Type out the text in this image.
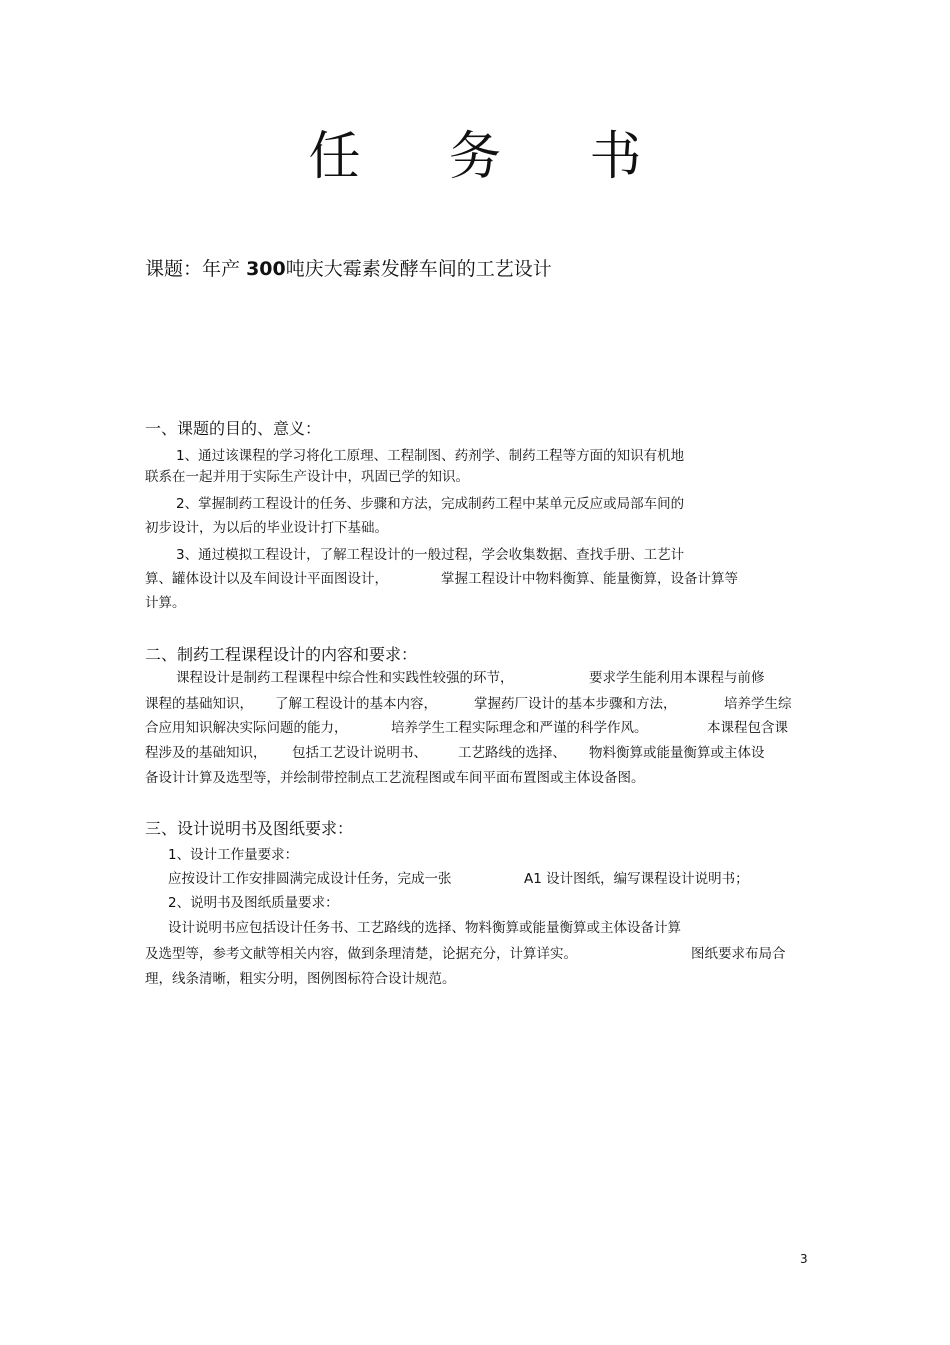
任 务 书
课题：年产 300吨庆大霉素发酵车间的工艺设计
一、课题的目的、意义：
1、通过该课程的学习将化工原理、工程制图、药剂学、制药工程等方面的知识有机地
联系在一起并用于实际生产设计中，巩固已学的知识。
2、掌握制药工程设计的任务、步骤和方法，完成制药工程中某单元反应或局部车间的
初步设计，为以后的毕业设计打下基础。
3、通过模拟工程设计，了解工程设计的一般过程，学会收集数据、查找手册、工艺计
算、罐体设计以及车间设计平面图设计，	掌握工程设计中物料衡算、能量衡算，设备计算等
计算。
二、制药工程课程设计的内容和要求：
课程设计是制药工程课程中综合性和实践性较强的环节，	要求学生能利用本课程与前修
课程的基础知识， 了解工程设计的基本内容，	掌握药厂设计的基本步骤和方法，	培养学生综
合应用知识解决实际问题的能力，	培养学生工程实际理念和严谨的科学作风。	本课程包含课
程涉及的基础知识， 包括工艺设计说明书、 工艺路线的选择、 物料衡算或能量衡算或主体设
备设计计算及选型等，并绘制带控制点工艺流程图或车间平面布置图或主体设备图。
三、设计说明书及图纸要求：
1、设计工作量要求：
应按设计工作安排圆满完成设计任务，完成一张	A1 设计图纸，编写课程设计说明书；
2、说明书及图纸质量要求：
设计说明书应包括设计任务书、工艺路线的选择、物料衡算或能量衡算或主体设备计算
及选型等，参考文献等相关内容，做到条理清楚，论据充分，计算详实。	图纸要求布局合
理，线条清晰，粗实分明，图例图标符合设计规范。
3
